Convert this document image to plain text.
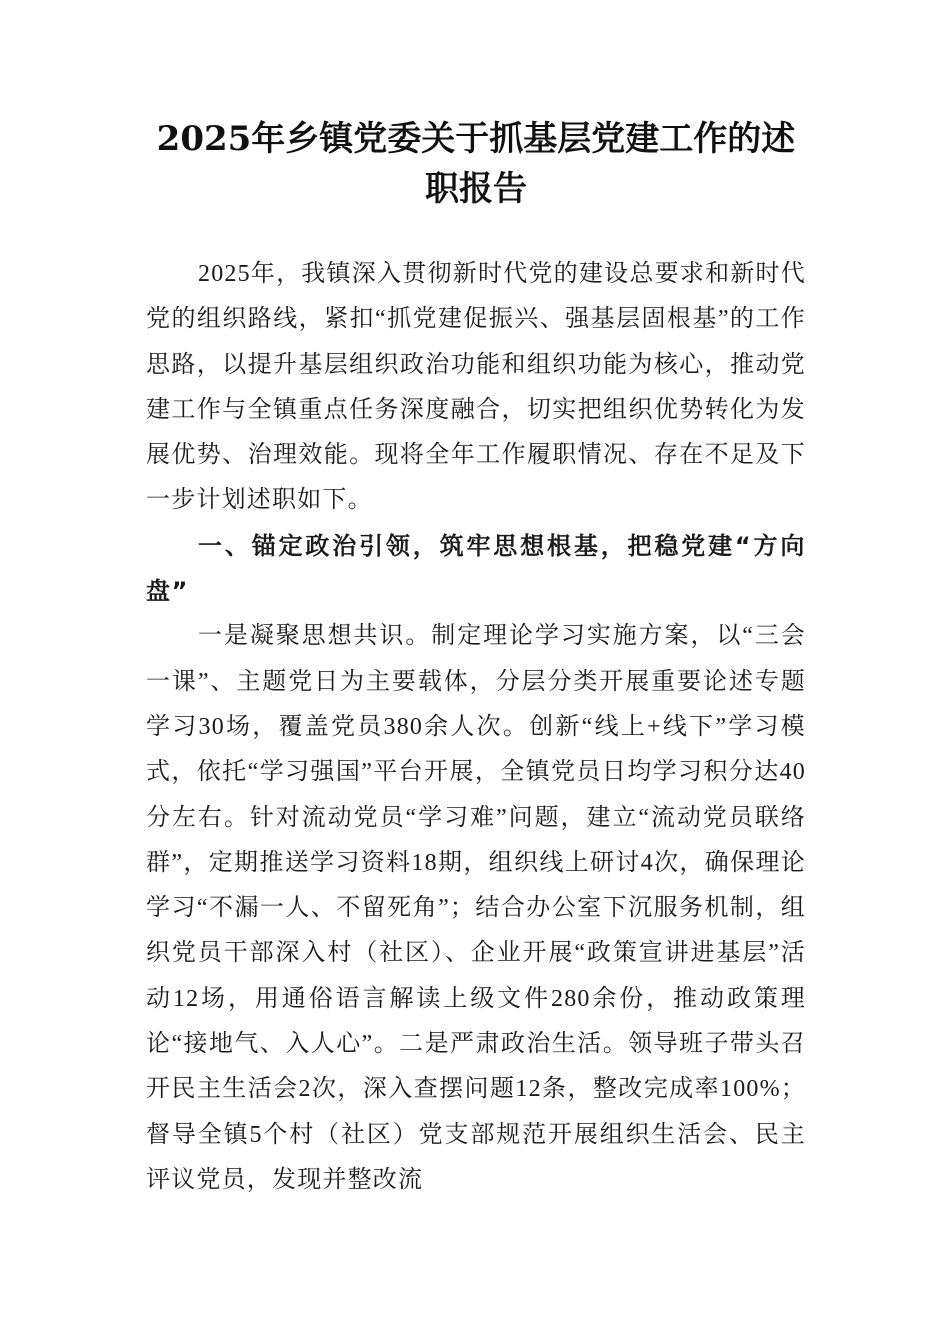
2025年乡镇党委关于抓基层党建工作的述职报告

2025年，我镇深入贯彻新时代党的建设总要求和新时代党的组织路线，紧扣“抓党建促振兴、强基层固根基”的工作思路，以提升基层组织政治功能和组织功能为核心，推动党建工作与全镇重点任务深度融合，切实把组织优势转化为发展优势、治理效能。现将全年工作履职情况、存在不足及下一步计划述职如下。

一、锚定政治引领，筑牢思想根基，把稳党建“方向盘”

一是凝聚思想共识。制定理论学习实施方案，以“三会一课”、主题党日为主要载体，分层分类开展重要论述专题学习30场，覆盖党员380余人次。创新“线上+线下”学习模式，依托“学习强国”平台开展，全镇党员日均学习积分达40分左右。针对流动党员“学习难”问题，建立“流动党员联络群”，定期推送学习资料18期，组织线上研讨4次，确保理论学习“不漏一人、不留死角”；结合办公室下沉服务机制，组织党员干部深入村（社区）、企业开展“政策宣讲进基层”活动12场，用通俗语言解读上级文件280余份，推动政策理论“接地气、入人心”。二是严肃政治生活。领导班子带头召开民主生活会2次，深入查摆问题12条，整改完成率100%；督导全镇5个村（社区）党支部规范开展组织生活会、民主评议党员，发现并整改流
